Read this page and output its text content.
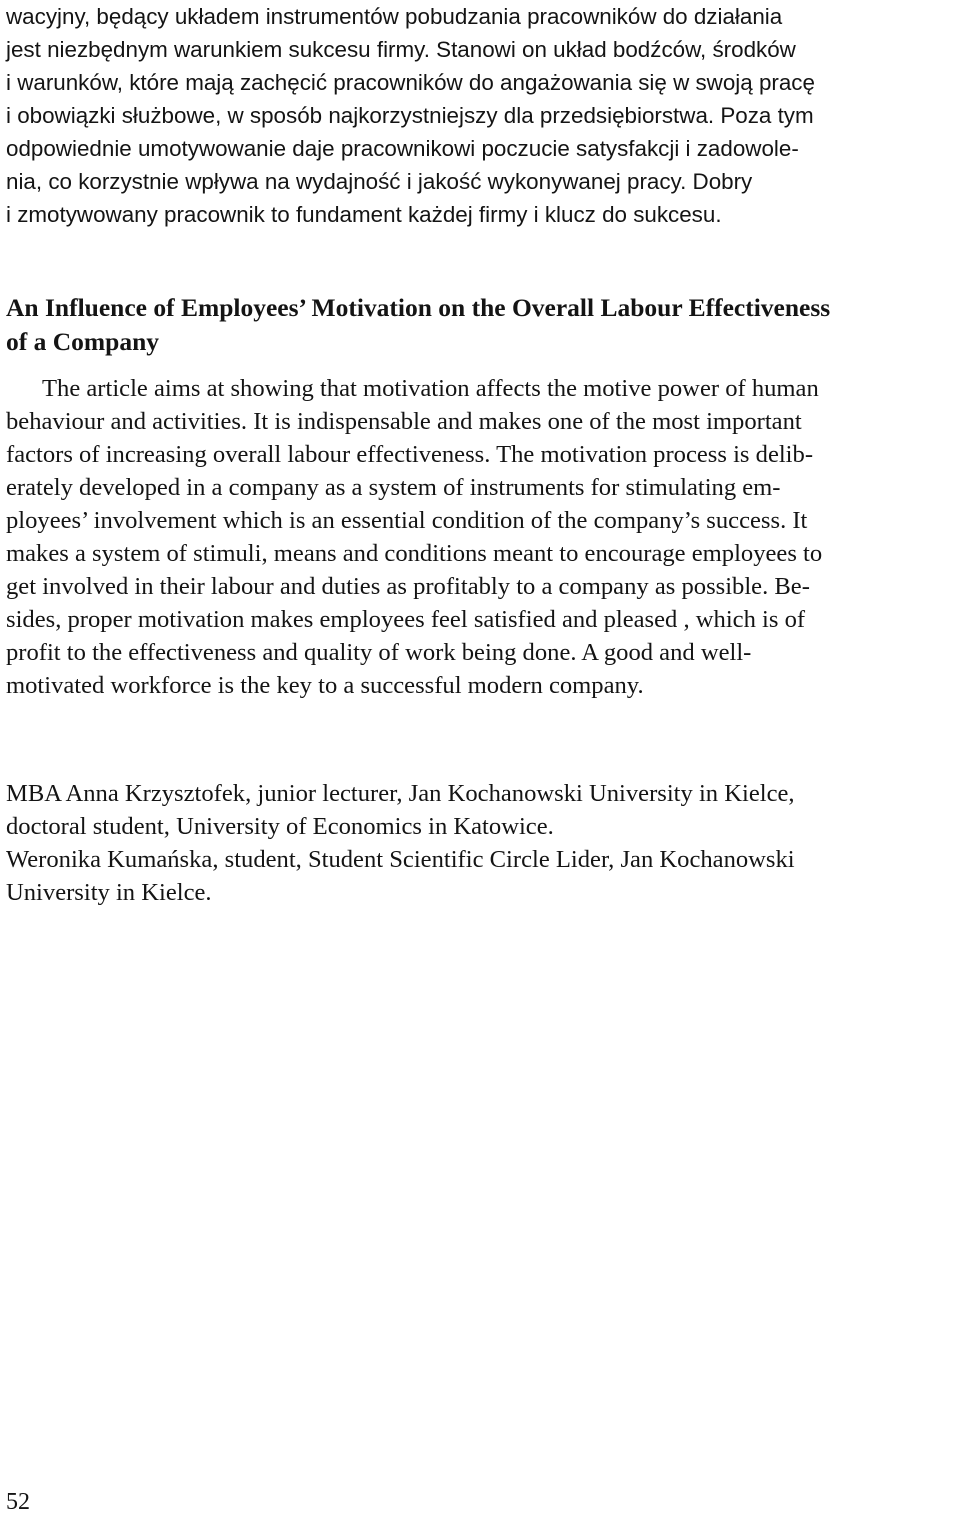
wacyjny, będący układem instrumentów pobudzania pracowników do działania
jest niezbędnym warunkiem sukcesu firmy. Stanowi on układ bodźców, środków
i warunków, które mają zachęcić pracowników do angażowania się w swoją pracę
i obowiązki służbowe, w sposób najkorzystniejszy dla przedsiębiorstwa. Poza tym
odpowiednie umotywowanie daje pracownikowi poczucie satysfakcji i zadowole-
nia, co korzystnie wpływa na wydajność i jakość wykonywanej pracy. Dobry
i zmotywowany pracownik to fundament każdej firmy i klucz do sukcesu.
An Influence of Employees’ Motivation on the Overall Labour Effectiveness
of a Company
The article aims at showing that motivation affects the motive power of human
behaviour and activities. It is indispensable and makes one of the most important
factors of increasing overall labour effectiveness. The motivation process is delib-
erately developed in a company as a system of instruments for stimulating em-
ployees’ involvement which is an essential condition of the company’s success. It
makes a system of stimuli, means and conditions meant to encourage employees to
get involved in their labour and duties as profitably to a company as possible. Be-
sides, proper motivation makes employees feel satisfied and pleased , which is of
profit to the effectiveness and quality of work being done. A good and well-
motivated workforce is the key to a successful modern company.
MBA Anna Krzysztofek, junior lecturer, Jan Kochanowski University in Kielce,
doctoral student, University of Economics in Katowice.
Weronika Kumańska, student, Student Scientific Circle Lider, Jan Kochanowski
University in Kielce.
52
